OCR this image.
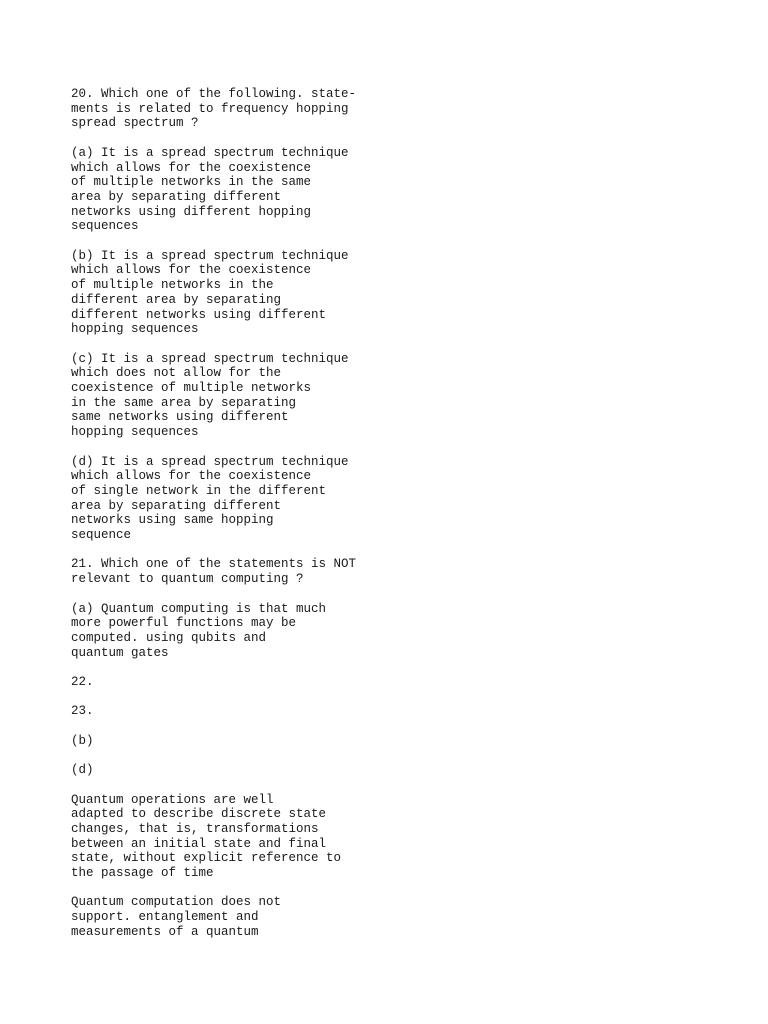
20. Which one of the following. state-
ments is related to frequency hopping
spread spectrum ?
(a) It is a spread spectrum technique
which allows for the coexistence
of multiple networks in the same
area by separating different
networks using different hopping
sequences
(b) It is a spread spectrum technique
which allows for the coexistence
of multiple networks in the
different area by separating
different networks using different
hopping sequences
(c) It is a spread spectrum technique
which does not allow for the
coexistence of multiple networks
in the same area by separating
same networks using different
hopping sequences
(d) It is a spread spectrum technique
which allows for the coexistence
of single network in the different
area by separating different
networks using same hopping
sequence
21. Which one of the statements is NOT
relevant to quantum computing ?
(a) Quantum computing is that much
more powerful functions may be
computed. using qubits and
quantum gates
22.
23.
(b)
(d)
Quantum operations are well
adapted to describe discrete state
changes, that is, transformations
between an initial state and final
state, without explicit reference to
the passage of time
Quantum computation does not
support. entanglement and
measurements of a quantum
